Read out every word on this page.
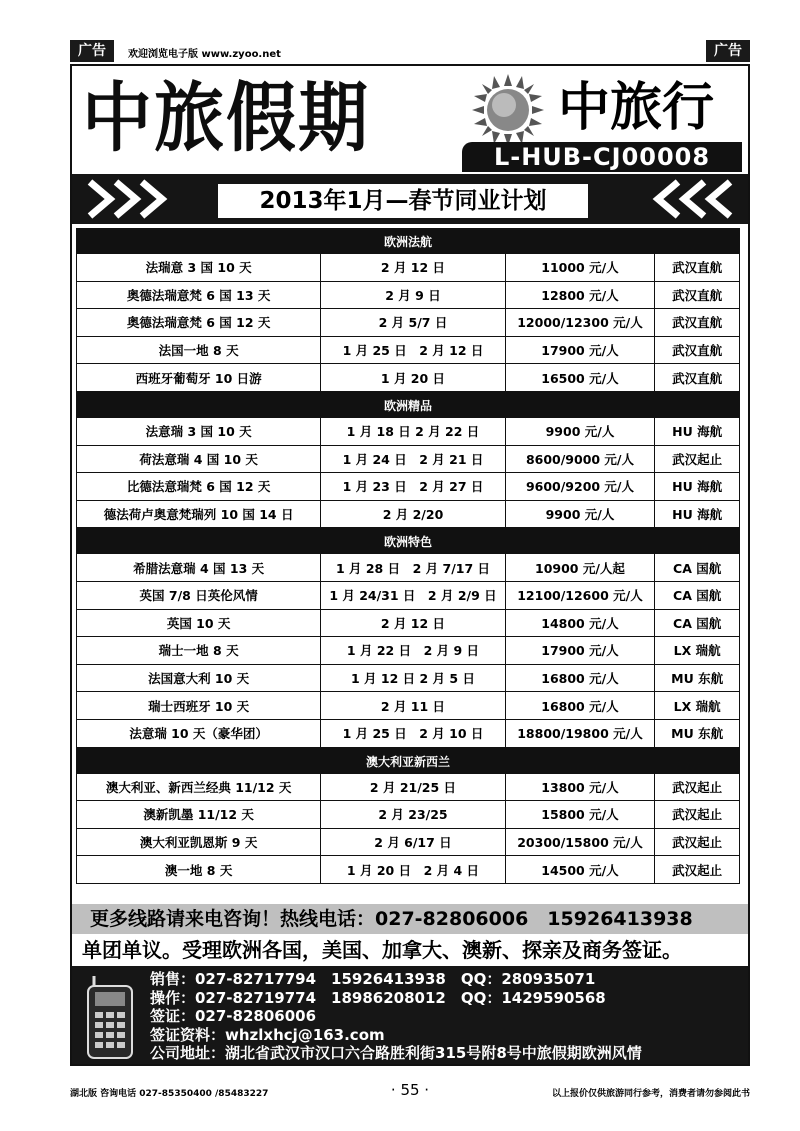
广告	欢迎浏览电子版 www.zyoo.net	广告
中旅假期	中旅行
L-HUB-CJ00008
2013年1月—春节同业计划
欧洲法航
法瑞意 3 国 10 天	2 月 12 日	11000 元/人	武汉直航
奥德法瑞意梵 6 国 13 天	2 月 9 日	12800 元/人	武汉直航
奥德法瑞意梵 6 国 12 天	2 月 5/7 日	12000/12300 元/人	武汉直航
法国一地 8 天	1 月 25 日　2 月 12 日	17900 元/人	武汉直航
西班牙葡萄牙 10 日游	1 月 20 日	16500 元/人	武汉直航
欧洲精品
法意瑞 3 国 10 天	1 月 18 日 2 月 22 日	9900 元/人	HU 海航
荷法意瑞 4 国 10 天	1 月 24 日　2 月 21 日	8600/9000 元/人	武汉起止
比德法意瑞梵 6 国 12 天	1 月 23 日　2 月 27 日	9600/9200 元/人	HU 海航
德法荷卢奥意梵瑞列 10 国 14 日	2 月 2/20	9900 元/人	HU 海航
欧洲特色
希腊法意瑞 4 国 13 天	1 月 28 日　2 月 7/17 日	10900 元/人起	CA 国航
英国 7/8 日英伦风情	1 月 24/31 日　2 月 2/9 日	12100/12600 元/人	CA 国航
英国 10 天	2 月 12 日	14800 元/人	CA 国航
瑞士一地 8 天	1 月 22 日　2 月 9 日	17900 元/人	LX 瑞航
法国意大利 10 天	1 月 12 日 2 月 5 日	16800 元/人	MU 东航
瑞士西班牙 10 天	2 月 11 日	16800 元/人	LX 瑞航
法意瑞 10 天（豪华团）	1 月 25 日　2 月 10 日	18800/19800 元/人	MU 东航
澳大利亚新西兰
澳大利亚、新西兰经典 11/12 天	2 月 21/25 日	13800 元/人	武汉起止
澳新凯墨 11/12 天	2 月 23/25	15800 元/人	武汉起止
澳大利亚凯恩斯 9 天	2 月 6/17 日	20300/15800 元/人	武汉起止
澳一地 8 天	1 月 20 日　2 月 4 日	14500 元/人	武汉起止
更多线路请来电咨询！热线电话：027-82806006　15926413938
单团单议。受理欧洲各国，美国、加拿大、澳新、探亲及商务签证。
销售：027-82717794　15926413938　QQ：280935071
操作：027-82719774　18986208012　QQ：1429590568
签证：027-82806006
签证资料：whzlxhcj@163.com
公司地址：湖北省武汉市汉口六合路胜利街315号附8号中旅假期欧洲风情
湖北版 咨询电话 027-85350400 /85483227	· 55 ·	以上报价仅供旅游同行参考，消费者请勿参阅此书
